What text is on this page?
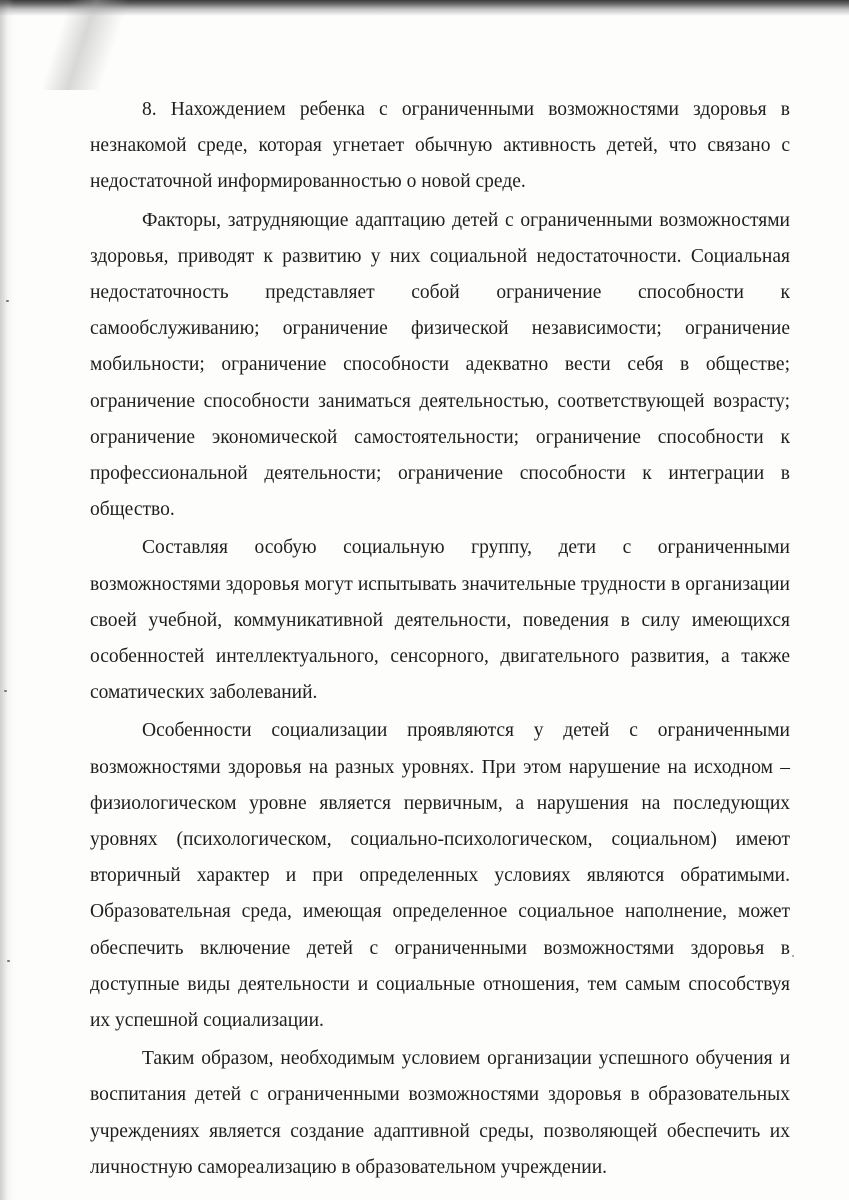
8. Нахождением ребенка с ограниченными возможностями здоровья в незнакомой среде, которая угнетает обычную активность детей, что связано с недостаточной информированностью о новой среде.

Факторы, затрудняющие адаптацию детей с ограниченными возможностями здоровья, приводят к развитию у них социальной недостаточности. Социальная недостаточность представляет собой ограничение способности к самообслуживанию; ограничение физической независимости; ограничение мобильности; ограничение способности адекватно вести себя в обществе; ограничение способности заниматься деятельностью, соответствующей возрасту; ограничение экономической самостоятельности; ограничение способности к профессиональной деятельности; ограничение способности к интеграции в общество.

Составляя особую социальную группу, дети с ограниченными возможностями здоровья могут испытывать значительные трудности в организации своей учебной, коммуникативной деятельности, поведения в силу имеющихся особенностей интеллектуального, сенсорного, двигательного развития, а также соматических заболеваний.

Особенности социализации проявляются у детей с ограниченными возможностями здоровья на разных уровнях. При этом нарушение на исходном – физиологическом уровне является первичным, а нарушения на последующих уровнях (психологическом, социально-психологическом, социальном) имеют вторичный характер и при определенных условиях являются обратимыми. Образовательная среда, имеющая определенное социальное наполнение, может обеспечить включение детей с ограниченными возможностями здоровья в доступные виды деятельности и социальные отношения, тем самым способствуя их успешной социализации.

Таким образом, необходимым условием организации успешного обучения и воспитания детей с ограниченными возможностями здоровья в образовательных учреждениях является создание адаптивной среды, позволяющей обеспечить их личностную самореализацию в образовательном учреждении.
